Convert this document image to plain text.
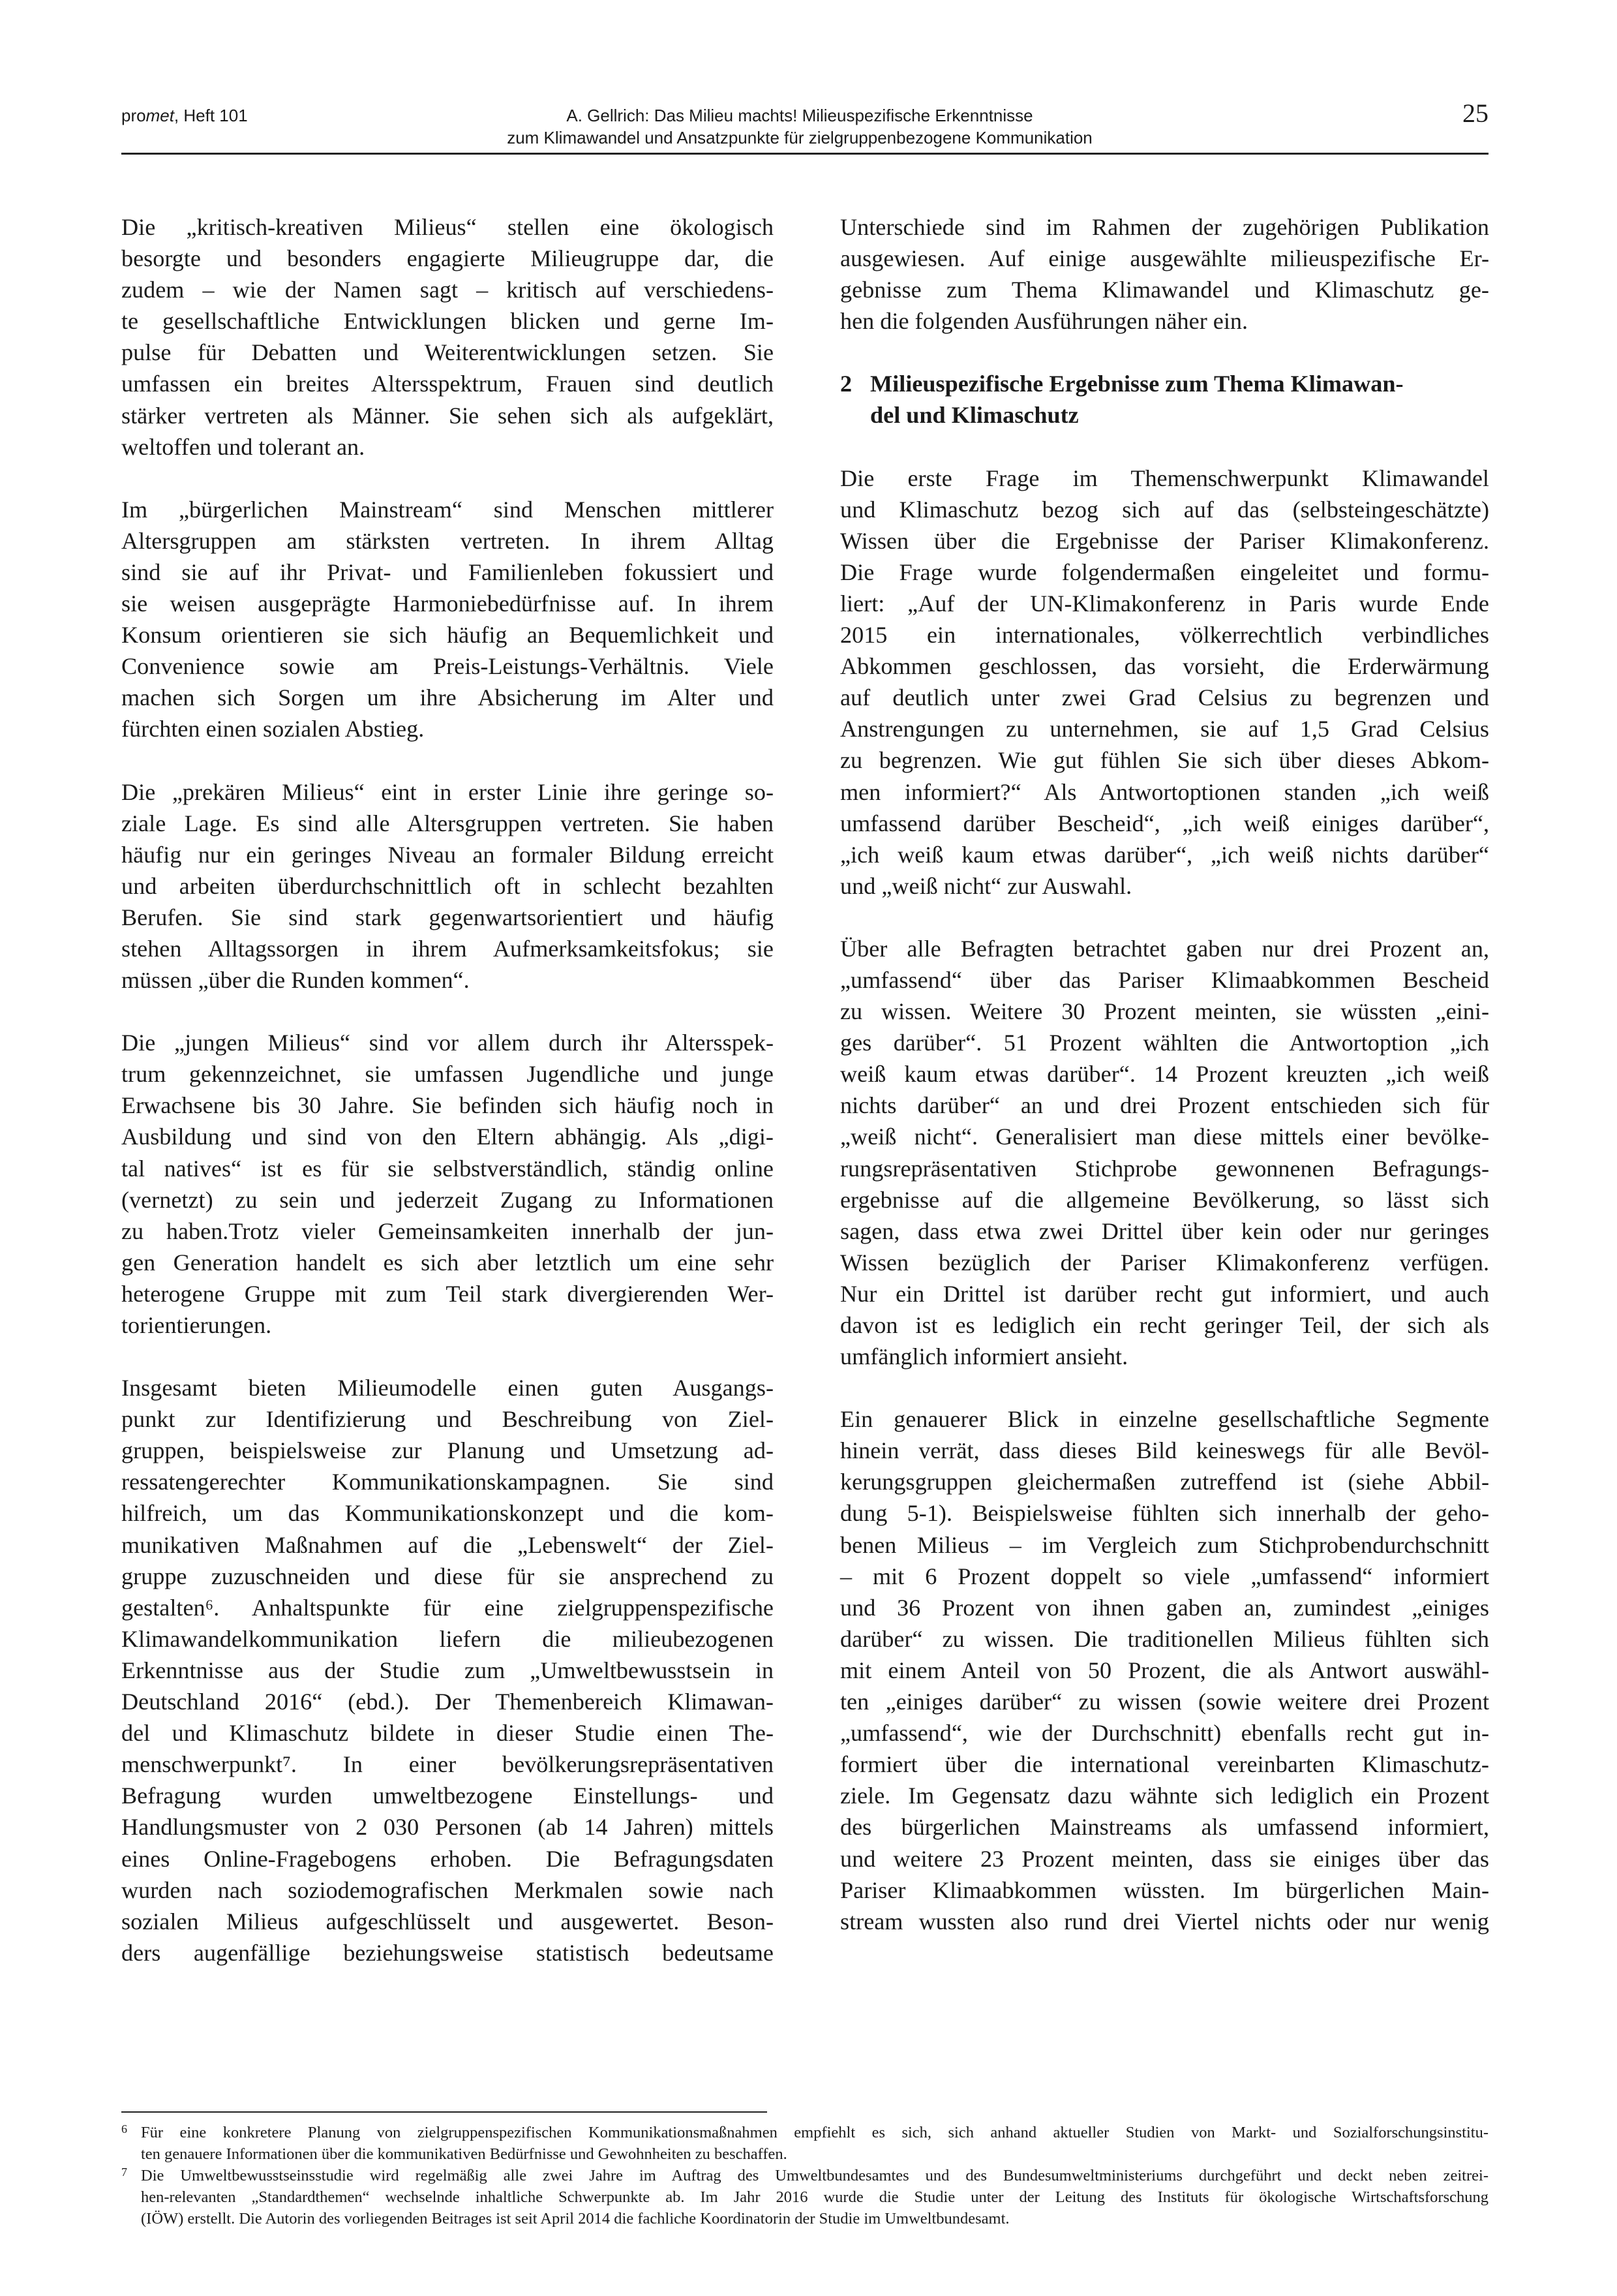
promet, Heft 101	A. Gellrich: Das Milieu machts! Milieuspezifische Erkenntnisse
zum Klimawandel und Ansatzpunkte für zielgruppenbezogene Kommunikation
25
Die „kritisch-kreativen Milieus“ stellen eine ökologisch
besorgte und besonders engagierte Milieugruppe dar, die
zudem – wie der Namen sagt – kritisch auf verschiedens-
te gesellschaftliche Entwicklungen blicken und gerne Im-
pulse für Debatten und Weiterentwicklungen setzen. Sie
umfassen ein breites Altersspektrum, Frauen sind deutlich
stärker vertreten als Männer. Sie sehen sich als aufgeklärt,
weltoffen und tolerant an.
Im „bürgerlichen Mainstream“ sind Menschen mittlerer
Altersgruppen am stärksten vertreten. In ihrem Alltag
sind sie auf ihr Privat- und Familienleben fokussiert und
sie weisen ausgeprägte Harmoniebedürfnisse auf. In ihrem
Konsum orientieren sie sich häufig an Bequemlichkeit und
Convenience sowie am Preis-Leistungs-Verhältnis. Viele
machen sich Sorgen um ihre Absicherung im Alter und
fürchten einen sozialen Abstieg.
Die „prekären Milieus“ eint in erster Linie ihre geringe so-
ziale Lage. Es sind alle Altersgruppen vertreten. Sie haben
häufig nur ein geringes Niveau an formaler Bildung erreicht
und arbeiten überdurchschnittlich oft in schlecht bezahlten
Berufen. Sie sind stark gegenwartsorientiert und häufig
stehen Alltagssorgen in ihrem Aufmerksamkeitsfokus; sie
müssen „über die Runden kommen“.
Die „jungen Milieus“ sind vor allem durch ihr Altersspek-
trum gekennzeichnet, sie umfassen Jugendliche und junge
Erwachsene bis 30 Jahre. Sie befinden sich häufig noch in
Ausbildung und sind von den Eltern abhängig. Als „digi-
tal natives“ ist es für sie selbstverständlich, ständig online
(vernetzt) zu sein und jederzeit Zugang zu Informationen
zu haben.Trotz vieler Gemeinsamkeiten innerhalb der jun-
gen Generation handelt es sich aber letztlich um eine sehr
heterogene Gruppe mit zum Teil stark divergierenden Wer-
torientierungen.
Insgesamt bieten Milieumodelle einen guten Ausgangs-
punkt zur Identifizierung und Beschreibung von Ziel-
gruppen, beispielsweise zur Planung und Umsetzung ad-
ressatengerechter Kommunikationskampagnen. Sie sind
hilfreich, um das Kommunikationskonzept und die kom-
munikativen Maßnahmen auf die „Lebenswelt“ der Ziel-
gruppe zuzuschneiden und diese für sie ansprechend zu
gestalten⁶. Anhaltspunkte für eine zielgruppenspezifische
Klimawandelkommunikation liefern die milieubezogenen
Erkenntnisse aus der Studie zum „Umweltbewusstsein in
Deutschland 2016“ (ebd.). Der Themenbereich Klimawan-
del und Klimaschutz bildete in dieser Studie einen The-
menschwerpunkt⁷. In einer bevölkerungsrepräsentativen
Befragung wurden umweltbezogene Einstellungs- und
Handlungsmuster von 2 030 Personen (ab 14 Jahren) mittels
eines Online-Fragebogens erhoben. Die Befragungsdaten
wurden nach soziodemografischen Merkmalen sowie nach
sozialen Milieus aufgeschlüsselt und ausgewertet. Beson-
ders augenfällige beziehungsweise statistisch bedeutsame
Unterschiede sind im Rahmen der zugehörigen Publikation
ausgewiesen. Auf einige ausgewählte milieuspezifische Er-
gebnisse zum Thema Klimawandel und Klimaschutz ge-
hen die folgenden Ausführungen näher ein.
2 Milieuspezifische Ergebnisse zum Thema Klimawan-
del und Klimaschutz
Die erste Frage im Themenschwerpunkt Klimawandel
und Klimaschutz bezog sich auf das (selbsteingeschätzte)
Wissen über die Ergebnisse der Pariser Klimakonferenz.
Die Frage wurde folgendermaßen eingeleitet und formu-
liert: „Auf der UN-Klimakonferenz in Paris wurde Ende
2015 ein internationales, völkerrechtlich verbindliches
Abkommen geschlossen, das vorsieht, die Erderwärmung
auf deutlich unter zwei Grad Celsius zu begrenzen und
Anstrengungen zu unternehmen, sie auf 1,5 Grad Celsius
zu begrenzen. Wie gut fühlen Sie sich über dieses Abkom-
men informiert?“ Als Antwortoptionen standen „ich weiß
umfassend darüber Bescheid“, „ich weiß einiges darüber“,
„ich weiß kaum etwas darüber“, „ich weiß nichts darüber“
und „weiß nicht“ zur Auswahl.
Über alle Befragten betrachtet gaben nur drei Prozent an,
„umfassend“ über das Pariser Klimaabkommen Bescheid
zu wissen. Weitere 30 Prozent meinten, sie wüssten „eini-
ges darüber“. 51 Prozent wählten die Antwortoption „ich
weiß kaum etwas darüber“. 14 Prozent kreuzten „ich weiß
nichts darüber“ an und drei Prozent entschieden sich für
„weiß nicht“. Generalisiert man diese mittels einer bevölke-
rungsrepräsentativen Stichprobe gewonnenen Befragungs-
ergebnisse auf die allgemeine Bevölkerung, so lässt sich
sagen, dass etwa zwei Drittel über kein oder nur geringes
Wissen bezüglich der Pariser Klimakonferenz verfügen.
Nur ein Drittel ist darüber recht gut informiert, und auch
davon ist es lediglich ein recht geringer Teil, der sich als
umfänglich informiert ansieht.
Ein genauerer Blick in einzelne gesellschaftliche Segmente
hinein verrät, dass dieses Bild keineswegs für alle Bevöl-
kerungsgruppen gleichermaßen zutreffend ist (siehe Abbil-
dung 5-1). Beispielsweise fühlten sich innerhalb der geho-
benen Milieus – im Vergleich zum Stichprobendurchschnitt
– mit 6 Prozent doppelt so viele „umfassend“ informiert
und 36 Prozent von ihnen gaben an, zumindest „einiges
darüber“ zu wissen. Die traditionellen Milieus fühlten sich
mit einem Anteil von 50 Prozent, die als Antwort auswähl-
ten „einiges darüber“ zu wissen (sowie weitere drei Prozent
„umfassend“, wie der Durchschnitt) ebenfalls recht gut in-
formiert über die international vereinbarten Klimaschutz-
ziele. Im Gegensatz dazu wähnte sich lediglich ein Prozent
des bürgerlichen Mainstreams als umfassend informiert,
und weitere 23 Prozent meinten, dass sie einiges über das
Pariser Klimaabkommen wüssten. Im bürgerlichen Main-
stream wussten also rund drei Viertel nichts oder nur wenig
6 Für eine konkretere Planung von zielgruppenspezifischen Kommunikationsmaßnahmen empfiehlt es sich, sich anhand aktueller Studien von Markt- und Sozialforschungsinstitu-
ten genauere Informationen über die kommunikativen Bedürfnisse und Gewohnheiten zu beschaffen.
7 Die Umweltbewusstseinsstudie wird regelmäßig alle zwei Jahre im Auftrag des Umweltbundesamtes und des Bundesumweltministeriums durchgeführt und deckt neben zeitrei-
hen-relevanten „Standardthemen“ wechselnde inhaltliche Schwerpunkte ab. Im Jahr 2016 wurde die Studie unter der Leitung des Instituts für ökologische Wirtschaftsforschung
(IÖW) erstellt. Die Autorin des vorliegenden Beitrages ist seit April 2014 die fachliche Koordinatorin der Studie im Umweltbundesamt.
